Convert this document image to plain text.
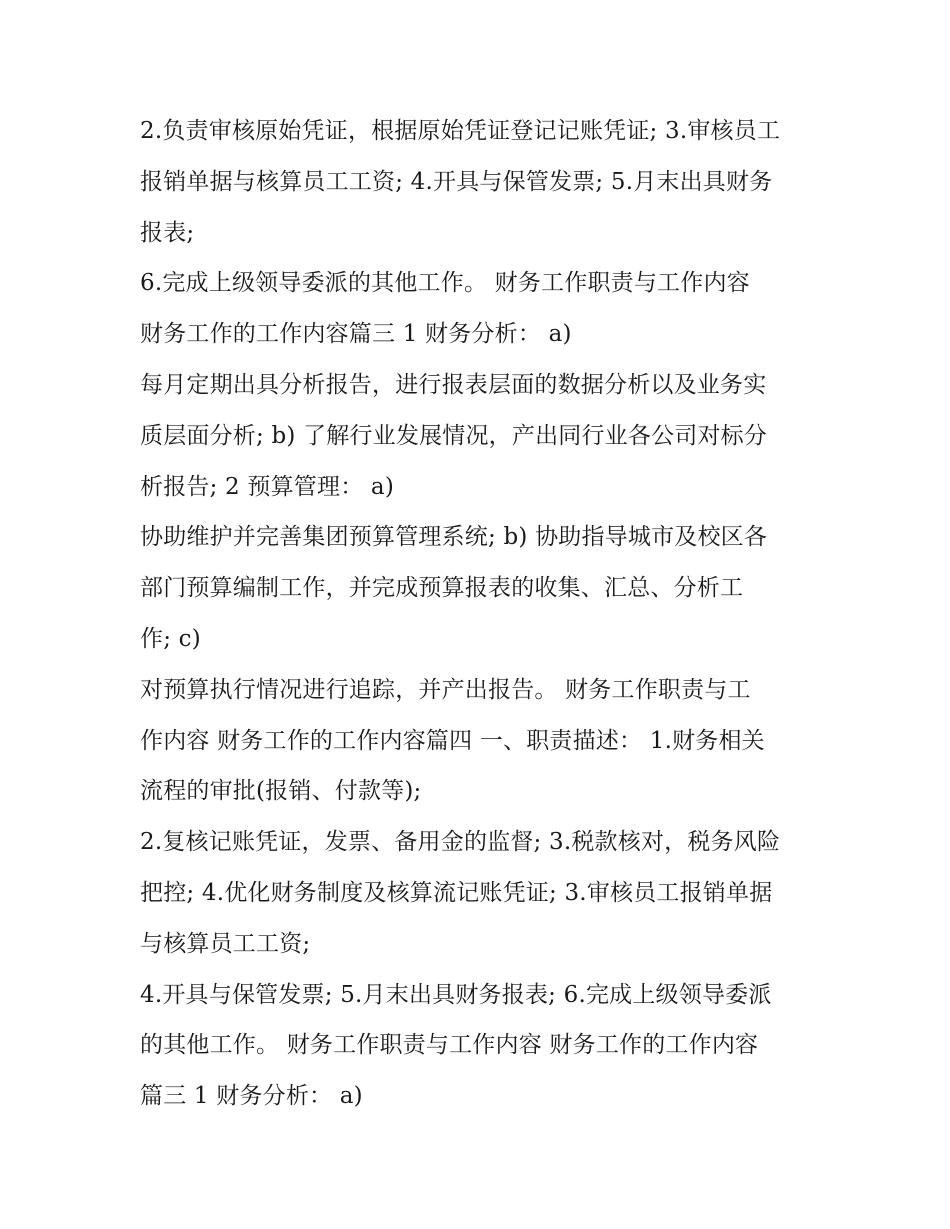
2.负责审核原始凭证，根据原始凭证登记记账凭证; 3.审核员工
报销单据与核算员工工资; 4.开具与保管发票; 5.月末出具财务
报表;
6.完成上级领导委派的其他工作。 财务工作职责与工作内容
财务工作的工作内容篇三 1 财务分析： a)
每月定期出具分析报告，进行报表层面的数据分析以及业务实
质层面分析; b) 了解行业发展情况，产出同行业各公司对标分
析报告; 2 预算管理： a)
协助维护并完善集团预算管理系统; b) 协助指导城市及校区各
部门预算编制工作，并完成预算报表的收集、汇总、分析工
作; c)
对预算执行情况进行追踪，并产出报告。 财务工作职责与工
作内容 财务工作的工作内容篇四 一、职责描述： 1.财务相关
流程的审批(报销、付款等);
2.复核记账凭证，发票、备用金的监督; 3.税款核对，税务风险
把控; 4.优化财务制度及核算流记账凭证; 3.审核员工报销单据
与核算员工工资;
4.开具与保管发票; 5.月末出具财务报表; 6.完成上级领导委派
的其他工作。 财务工作职责与工作内容 财务工作的工作内容
篇三 1 财务分析： a)
